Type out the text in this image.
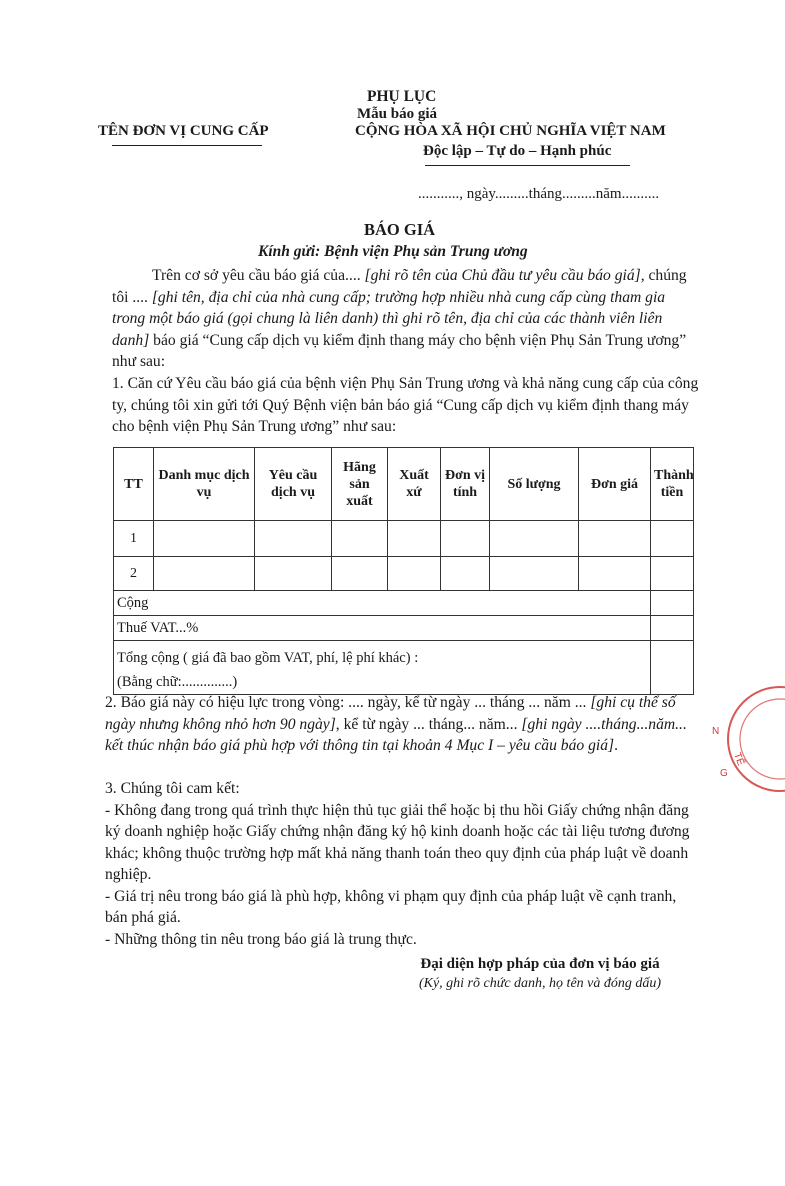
PHỤ LỤC
Mẫu báo giá
TÊN ĐƠN VỊ CUNG CẤP	CỘNG HÒA XÃ HỘI CHỦ NGHĨA VIỆT NAM
Độc lập – Tự do – Hạnh phúc
..........., ngày.........tháng.........năm..........
BÁO GIÁ
Kính gửi: Bệnh viện Phụ sản Trung ương

Trên cơ sở yêu cầu báo giá của.... [ghi rõ tên của Chủ đầu tư yêu cầu báo giá], chúng tôi .... [ghi tên, địa chỉ của nhà cung cấp; trường hợp nhiều nhà cung cấp cùng tham gia trong một báo giá (gọi chung là liên danh) thì ghi rõ tên, địa chỉ của các thành viên liên danh] báo giá “Cung cấp dịch vụ kiểm định thang máy cho bệnh viện Phụ Sản Trung ương” như sau:

1. Căn cứ Yêu cầu báo giá của bệnh viện Phụ Sản Trung ương và khả năng cung cấp của công ty, chúng tôi xin gửi tới Quý Bệnh viện bản báo giá “Cung cấp dịch vụ kiểm định thang máy cho bệnh viện Phụ Sản Trung ương” như sau:

TT	Danh mục dịch vụ	Yêu cầu dịch vụ	Hãng sản xuất	Xuất xứ	Đơn vị tính	Số lượng	Đơn giá	Thành tiền
1								
2								
Cộng								
Thuế VAT...%								

Tổng cộng ( giá đã bao gồm VAT, phí, lệ phí khác) :
(Bằng chữ:..............)								

2. Báo giá này có hiệu lực trong vòng: .... ngày, kể từ ngày ... tháng ... năm ... [ghi cụ thể số ngày nhưng không nhỏ hơn 90 ngày], kể từ ngày ... tháng... năm... [ghi ngày ....tháng...năm... kết thúc nhận báo giá phù hợp với thông tin tại khoản 4 Mục I – yêu cầu báo giá].

3. Chúng tôi cam kết:

- Không đang trong quá trình thực hiện thủ tục giải thể hoặc bị thu hồi Giấy chứng nhận đăng ký doanh nghiệp hoặc Giấy chứng nhận đăng ký hộ kinh doanh hoặc các tài liệu tương đương khác; không thuộc trường hợp mất khả năng thanh toán theo quy định của pháp luật về doanh nghiệp.

- Giá trị nêu trong báo giá là phù hợp, không vi phạm quy định của pháp luật về cạnh tranh, bán phá giá.

- Những thông tin nêu trong báo giá là trung thực.

Đại diện hợp pháp của đơn vị báo giá
(Ký, ghi rõ chức danh, họ tên và đóng dấu)
N
TẾ
G
